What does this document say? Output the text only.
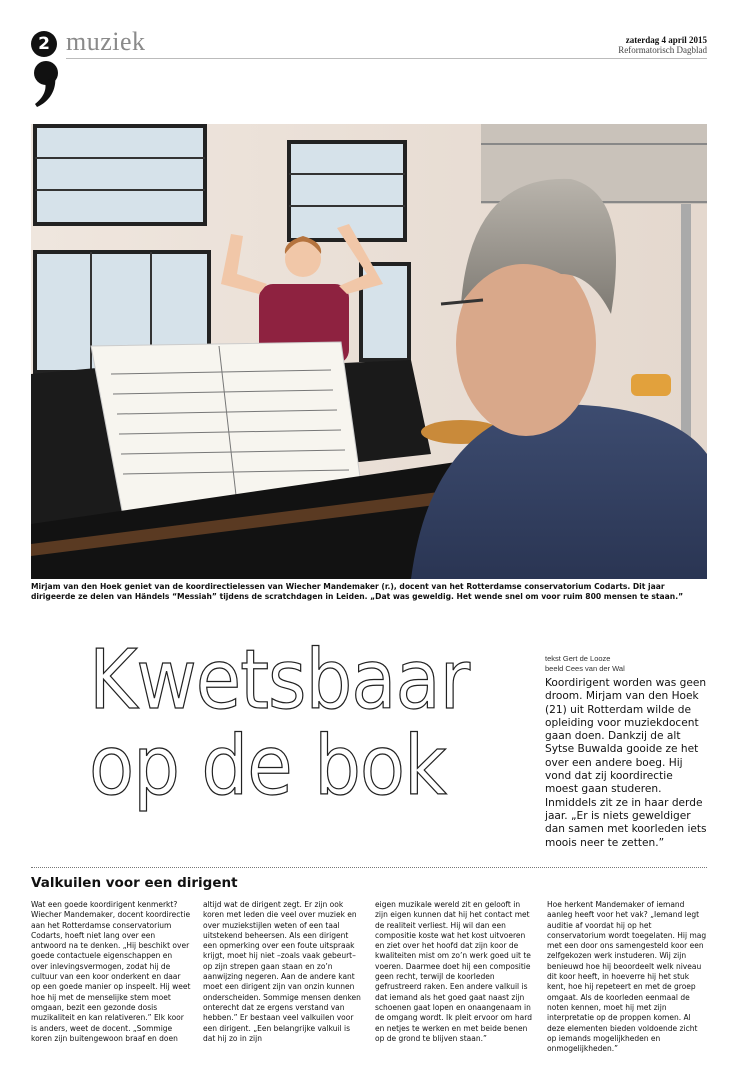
2 muziek	zaterdag 4 april 2015
Reformatorisch Dagblad
Mirjam van den Hoek geniet van de koordirectielessen van Wiecher Mandemaker (r.), docent van het Rotterdamse conservatorium Codarts. Dit jaar dirigeerde ze delen van Händels “Messiah” tijdens de scratchdagen in Leiden. „Dat was geweldig. Het wende snel om voor ruim 800 mensen te staan.”
Kwetsbaar
op de bok
tekst Gert de Looze
beeld Cees van der Wal
Koordirigent worden was geen droom. Mirjam van den Hoek (21) uit Rotterdam wilde de opleiding voor muziekdocent gaan doen. Dankzij de alt Sytse Buwalda gooide ze het over een andere boeg. Hij vond dat zij koordirectie moest gaan studeren. Inmiddels zit ze in haar derde jaar. „Er is niets geweldiger dan samen met koorleden iets moois neer te zetten.”
Valkuilen voor een dirigent

Wat een goede koordirigent kenmerkt? Wiecher Mandemaker, docent koordirectie aan het Rotterdamse conservatorium Codarts, hoeft niet lang over een antwoord na te denken. „Hij beschikt over goede contactuele eigenschappen en over inlevingsvermogen, zodat hij de cultuur van een koor onderkent en daar op een goede manier op inspeelt. Hij weet hoe hij met de menselijke stem moet omgaan, bezit een gezonde dosis muzikaliteit en kan relativeren.” Elk koor is anders, weet de docent. „Sommige koren zijn buitengewoon braaf en doen

altijd wat de dirigent zegt. Er zijn ook koren met leden die veel over muziek en over muziekstijlen weten of een taal uitstekend beheersen. Als een dirigent een opmerking over een foute uitspraak krijgt, moet hij niet –zoals vaak gebeurt– op zijn strepen gaan staan en zo’n aanwijzing negeren. Aan de andere kant moet een dirigent zijn van onzin kunnen onderscheiden. Sommige mensen denken onterecht dat ze ergens verstand van hebben.” Er bestaan veel valkuilen voor een dirigent. „Een belangrijke valkuil is dat hij zo in zijn

eigen muzikale wereld zit en gelooft in zijn eigen kunnen dat hij het contact met de realiteit verliest. Hij wil dan een compositie koste wat het kost uitvoeren en ziet over het hoofd dat zijn koor de kwaliteiten mist om zo’n werk goed uit te voeren. Daarmee doet hij een compositie geen recht, terwijl de koorleden gefrustreerd raken. Een andere valkuil is dat iemand als het goed gaat naast zijn schoenen gaat lopen en onaangenaam in de omgang wordt. Ik pleit ervoor om hard en netjes te werken en met beide benen op de grond te blijven staan.”

Hoe herkent Mandemaker of iemand aanleg heeft voor het vak? „Iemand legt auditie af voordat hij op het conservatorium wordt toegelaten. Hij mag met een door ons samengesteld koor een zelfgekozen werk instuderen. Wij zijn benieuwd hoe hij beoordeelt welk niveau dit koor heeft, in hoeverre hij het stuk kent, hoe hij repeteert en met de groep omgaat. Als de koorleden eenmaal de noten kennen, moet hij met zijn interpretatie op de proppen komen. Al deze elementen bieden voldoende zicht op iemands mogelijkheden en onmogelijkheden.”
